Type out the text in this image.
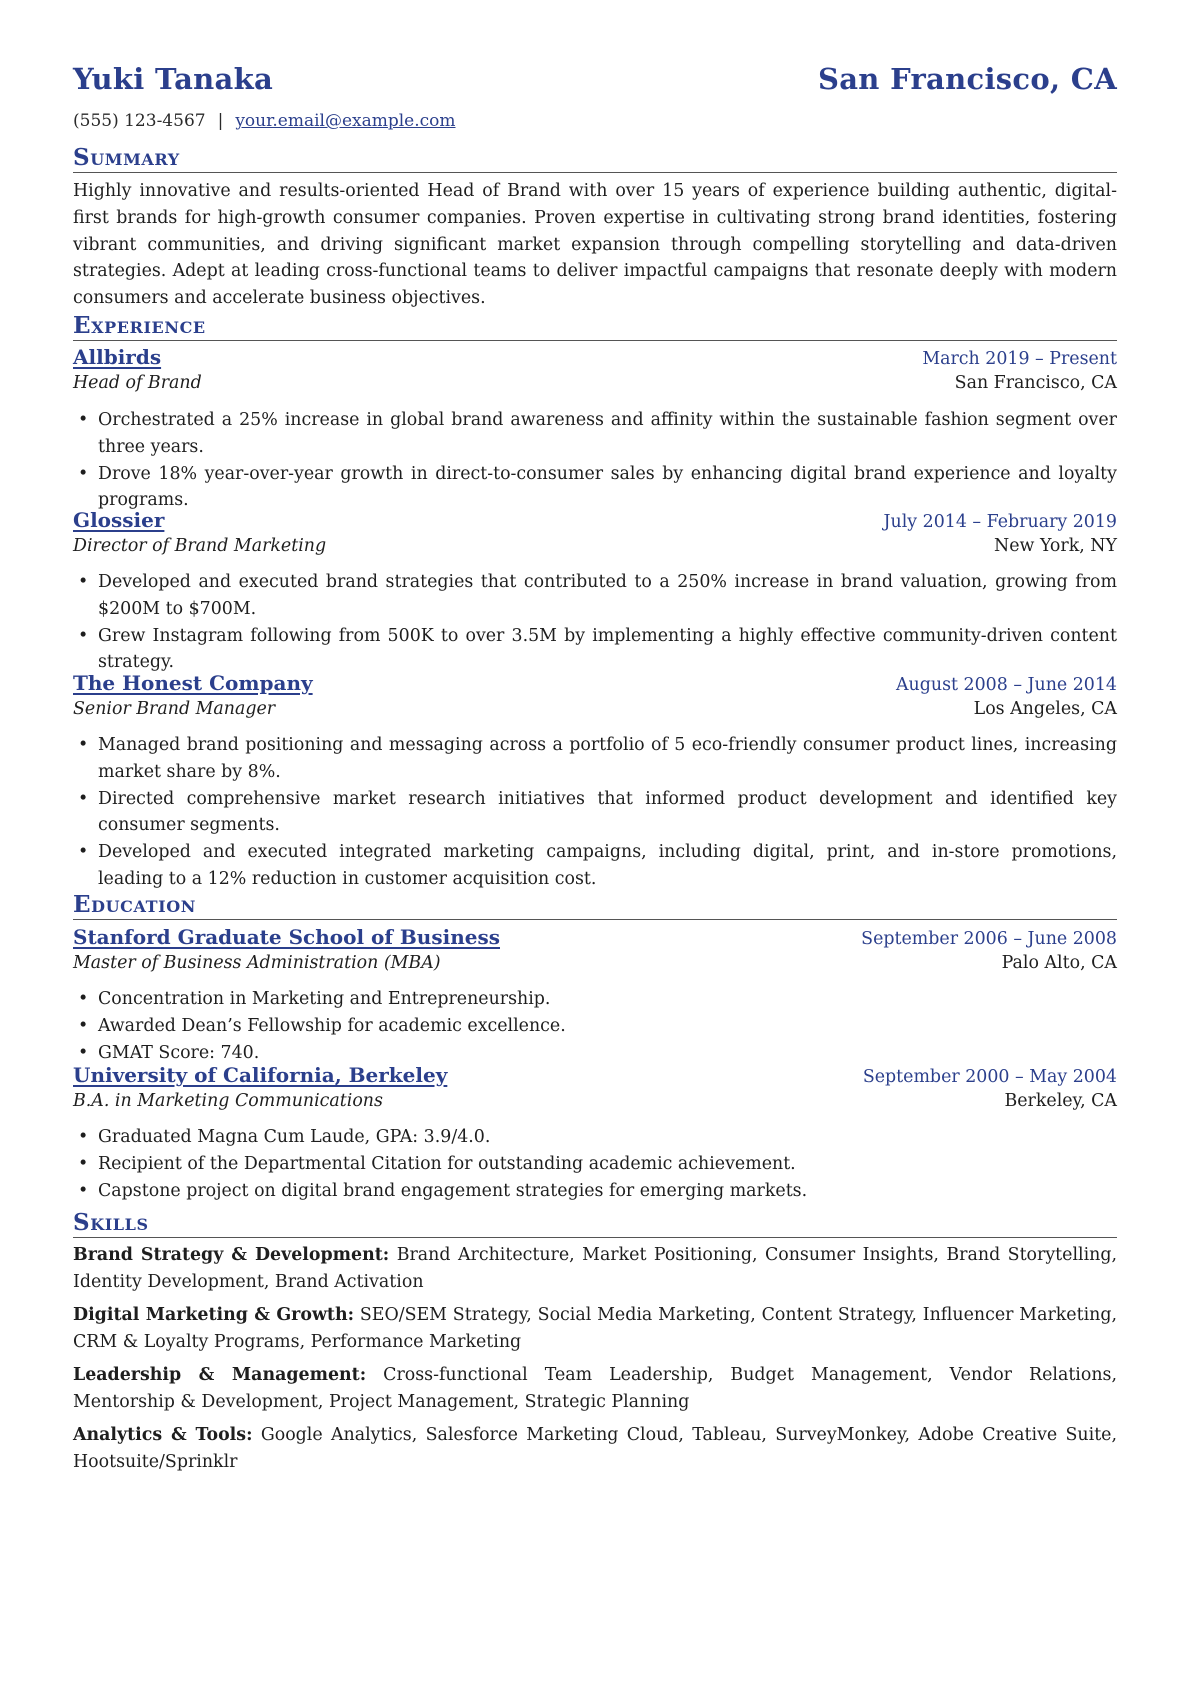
Yuki Tanaka	San Francisco, CA
(555) 123-4567 | your.email@example.com
Summary
Highly innovative and results-oriented Head of Brand with over 15 years of experience building authentic, digital-first brands for high-growth consumer companies. Proven expertise in cultivating strong brand identities, fostering vibrant communities, and driving significant market expansion through compelling storytelling and data-driven strategies. Adept at leading cross-functional teams to deliver impactful campaigns that resonate deeply with modern consumers and accelerate business objectives.
Experience
Allbirds	March 2019 – Present
Head of Brand	San Francisco, CA
• Orchestrated a 25% increase in global brand awareness and affinity within the sustainable fashion segment over three years.
• Drove 18% year-over-year growth in direct-to-consumer sales by enhancing digital brand experience and loyalty programs.
Glossier	July 2014 – February 2019
Director of Brand Marketing	New York, NY
• Developed and executed brand strategies that contributed to a 250% increase in brand valuation, growing from $200M to $700M.
• Grew Instagram following from 500K to over 3.5M by implementing a highly effective community-driven content strategy.
The Honest Company	August 2008 – June 2014
Senior Brand Manager	Los Angeles, CA
• Managed brand positioning and messaging across a portfolio of 5 eco-friendly consumer product lines, increasing market share by 8%.
• Directed comprehensive market research initiatives that informed product development and identified key consumer segments.
• Developed and executed integrated marketing campaigns, including digital, print, and in-store promotions, leading to a 12% reduction in customer acquisition cost.
Education
Stanford Graduate School of Business	September 2006 – June 2008
Master of Business Administration (MBA)	Palo Alto, CA
• Concentration in Marketing and Entrepreneurship.
• Awarded Dean’s Fellowship for academic excellence.
• GMAT Score: 740.
University of California, Berkeley	September 2000 – May 2004
B.A. in Marketing Communications	Berkeley, CA
• Graduated Magna Cum Laude, GPA: 3.9/4.0.
• Recipient of the Departmental Citation for outstanding academic achievement.
• Capstone project on digital brand engagement strategies for emerging markets.
Skills
Brand Strategy & Development: Brand Architecture, Market Positioning, Consumer Insights, Brand Storytelling, Identity Development, Brand Activation
Digital Marketing & Growth: SEO/SEM Strategy, Social Media Marketing, Content Strategy, Influencer Marketing, CRM & Loyalty Programs, Performance Marketing
Leadership & Management: Cross-functional Team Leadership, Budget Management, Vendor Relations, Mentorship & Development, Project Management, Strategic Planning
Analytics & Tools: Google Analytics, Salesforce Marketing Cloud, Tableau, SurveyMonkey, Adobe Creative Suite, Hootsuite/Sprinklr
